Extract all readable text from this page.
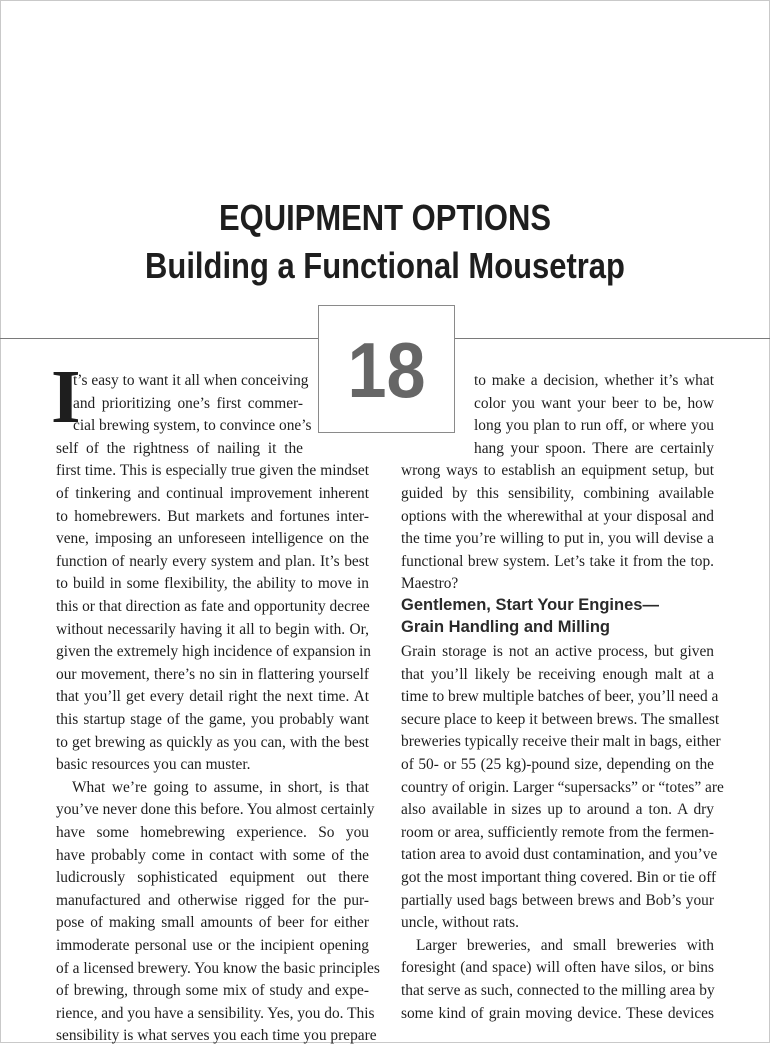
EQUIPMENT OPTIONS
Building a Functional Mousetrap
18
I
t’s easy to want it all when conceiving
and prioritizing one’s first commer-
cial brewing system, to convince one’s
self of the rightness of nailing it the
first time. This is especially true given the mindset
of tinkering and continual improvement inherent
to homebrewers. But markets and fortunes inter-
vene, imposing an unforeseen intelligence on the
function of nearly every system and plan. It’s best
to build in some flexibility, the ability to move in
this or that direction as fate and opportunity decree
without necessarily having it all to begin with. Or,
given the extremely high incidence of expansion in
our movement, there’s no sin in flattering yourself
that you’ll get every detail right the next time. At
this startup stage of the game, you probably want
to get brewing as quickly as you can, with the best
basic resources you can muster.
What we’re going to assume, in short, is that
you’ve never done this before. You almost certainly
have some homebrewing experience. So you
have probably come in contact with some of the
ludicrously sophisticated equipment out there
manufactured and otherwise rigged for the pur-
pose of making small amounts of beer for either
immoderate personal use or the incipient opening
of a licensed brewery. You know the basic principles
of brewing, through some mix of study and expe-
rience, and you have a sensibility. Yes, you do. This
sensibility is what serves you each time you prepare
to make a decision, whether it’s what
color you want your beer to be, how
long you plan to run off, or where you
hang your spoon. There are certainly
wrong ways to establish an equipment setup, but
guided by this sensibility, combining available
options with the wherewithal at your disposal and
the time you’re willing to put in, you will devise a
functional brew system. Let’s take it from the top.
Maestro?
Grain storage is not an active process, but given
that you’ll likely be receiving enough malt at a
time to brew multiple batches of beer, you’ll need a
secure place to keep it between brews. The smallest
breweries typically receive their malt in bags, either
of 50- or 55 (25 kg)-pound size, depending on the
country of origin. Larger “supersacks” or “totes” are
also available in sizes up to around a ton. A dry
room or area, sufficiently remote from the fermen-
tation area to avoid dust contamination, and you’ve
got the most important thing covered. Bin or tie off
partially used bags between brews and Bob’s your
uncle, without rats.
Larger breweries, and small breweries with
foresight (and space) will often have silos, or bins
that serve as such, connected to the milling area by
some kind of grain moving device. These devices
Gentlemen, Start Your Engines—
Grain Handling and Milling
